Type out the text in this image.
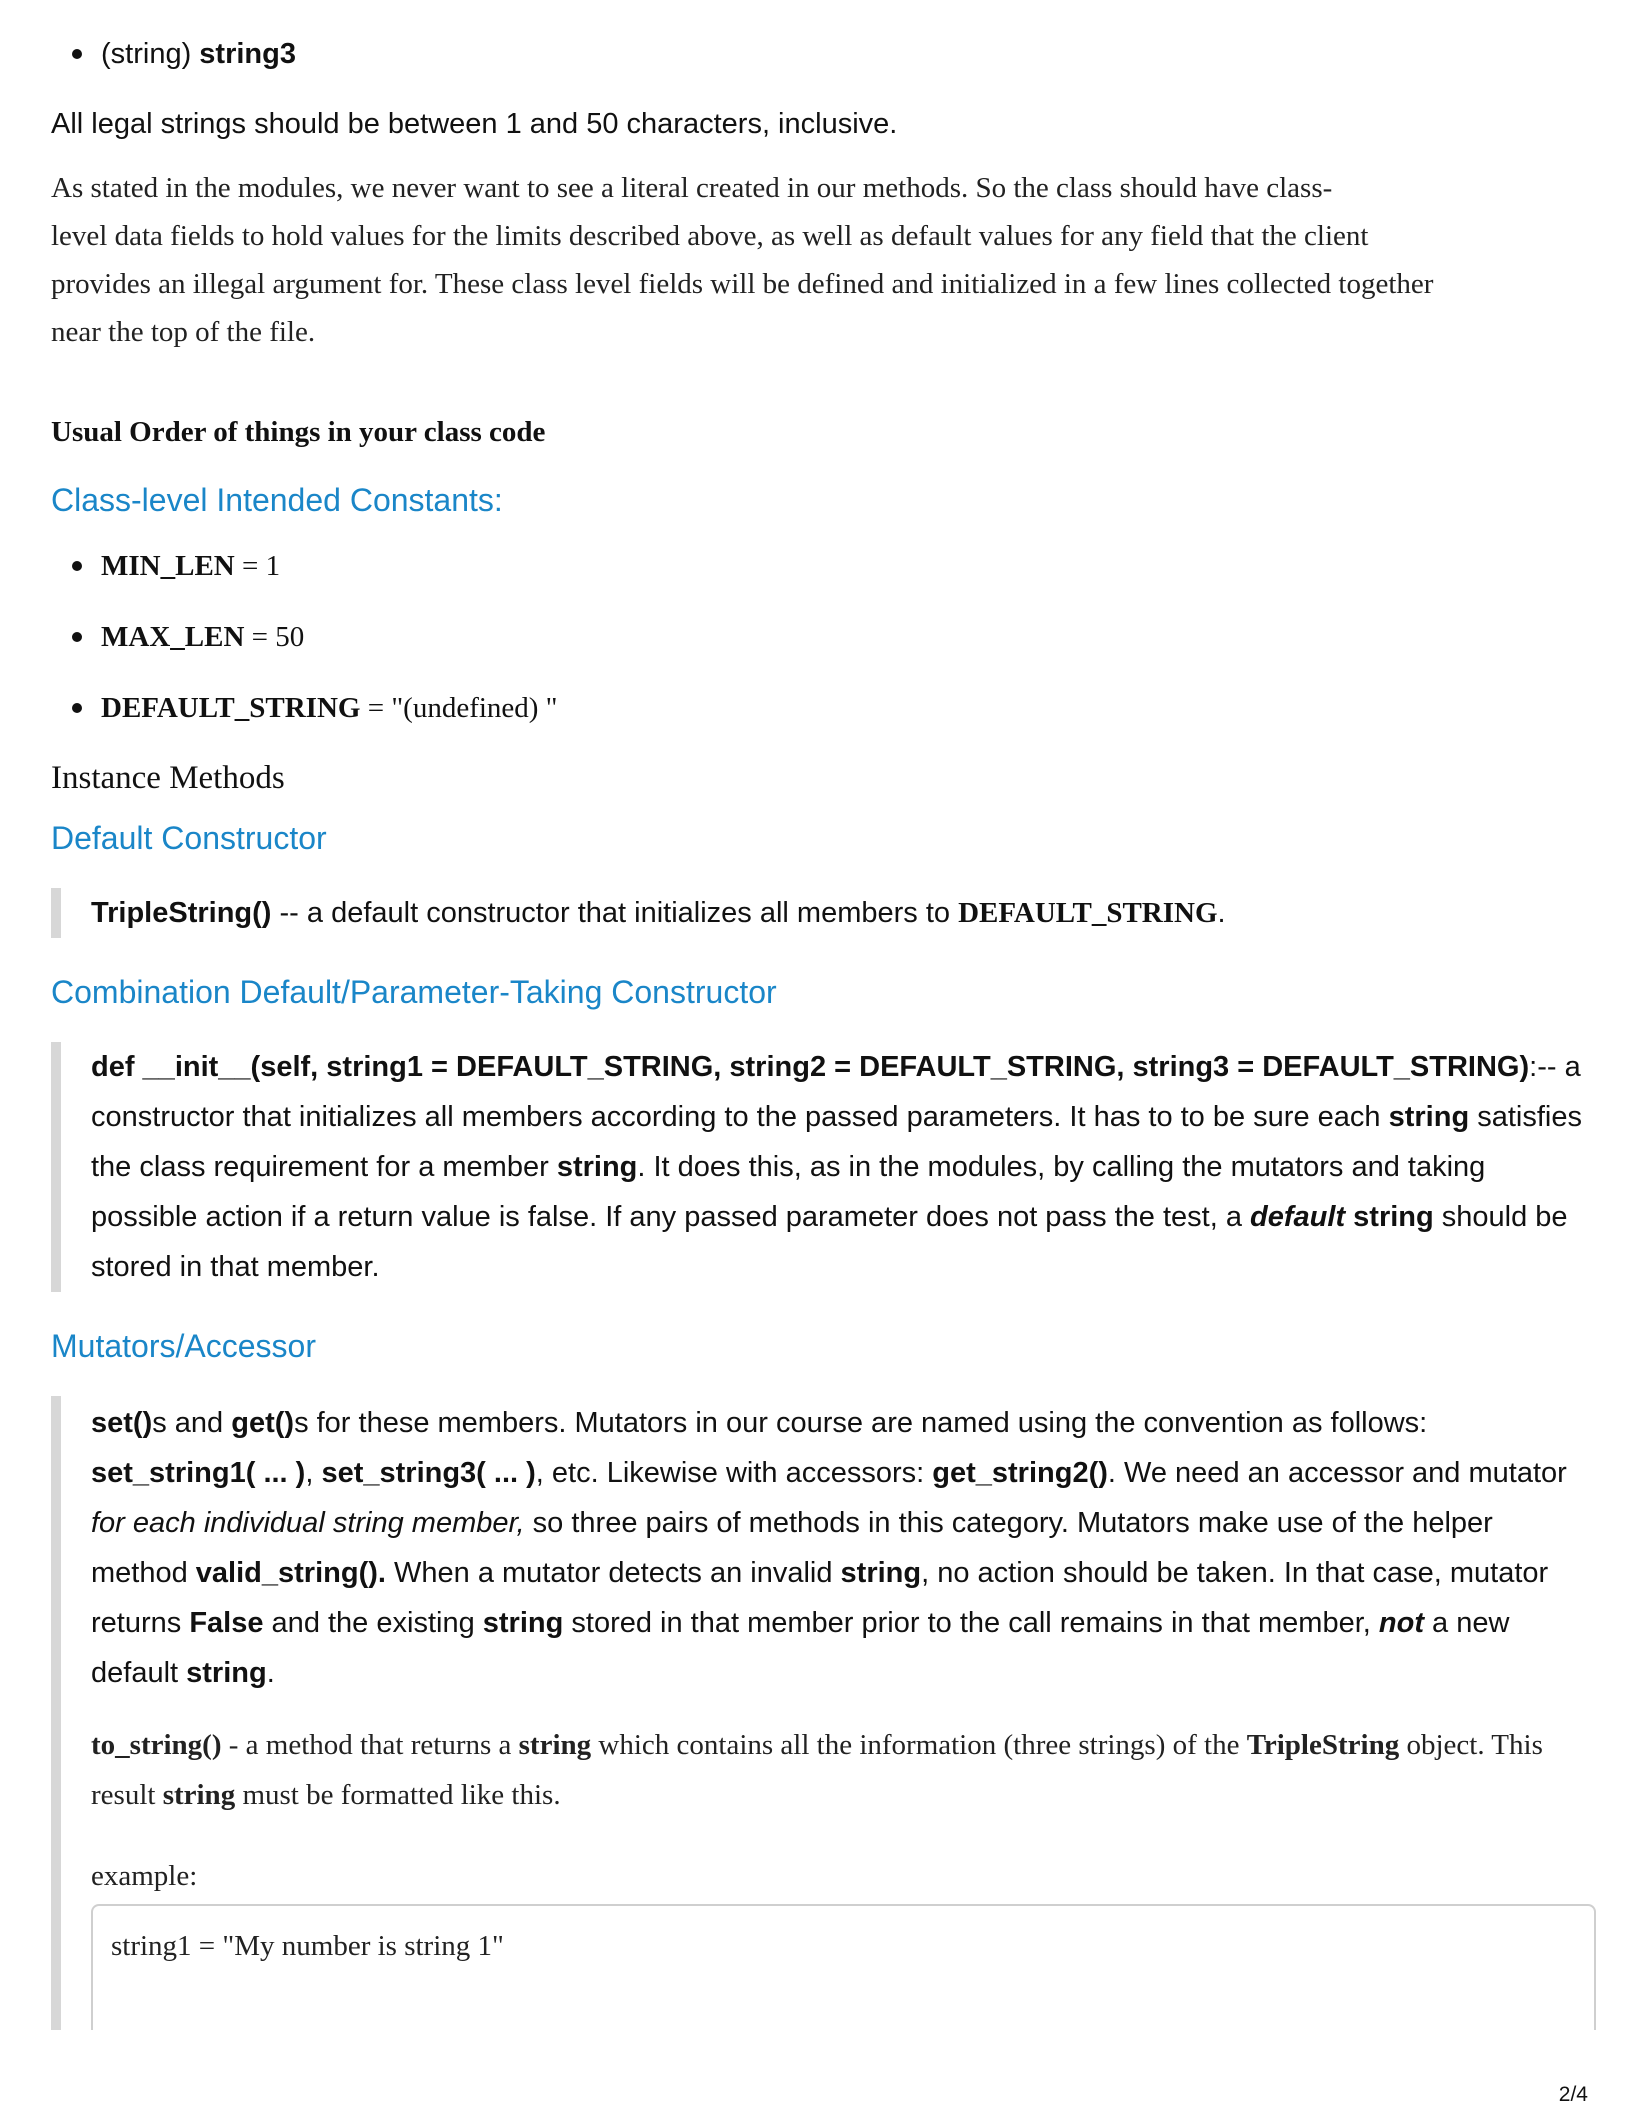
(string) string3

All legal strings should be between 1 and 50 characters, inclusive.

As stated in the modules, we never want to see a literal created in our methods. So the class should have class-
level data fields to hold values for the limits described above, as well as default values for any field that the client
provides an illegal argument for. These class level fields will be defined and initialized in a few lines collected together
near the top of the file.
Usual Order of things in your class code
Class-level Intended Constants:
MIN_LEN = 1
MAX_LEN = 50
DEFAULT_STRING = "(undefined) "
Instance Methods
Default Constructor

TripleString() -- a default constructor that initializes all members to DEFAULT_STRING.

Combination Default/Parameter-Taking Constructor

def __init__(self, string1 = DEFAULT_STRING, string2 = DEFAULT_STRING, string3 = DEFAULT_STRING):-- a constructor that initializes all members according to the passed parameters. It has to to be sure each string satisfies the class requirement for a member string. It does this, as in the modules, by calling the mutators and taking possible action if a return value is false. If any passed parameter does not pass the test, a default string should be stored in that member.

Mutators/Accessor

set()s and get()s for these members. Mutators in our course are named using the convention as follows: set_string1( ... ), set_string3( ... ), etc. Likewise with accessors: get_string2(). We need an accessor and mutator for each individual string member, so three pairs of methods in this category. Mutators make use of the helper method valid_string(). When a mutator detects an invalid string, no action should be taken. In that case, mutator returns False and the existing string stored in that member prior to the call remains in that member, not a new default string.

to_string() - a method that returns a string which contains all the information (three strings) of the TripleString object. This result string must be formatted like this.

example:

string1 = "My number is string 1"
2/4
